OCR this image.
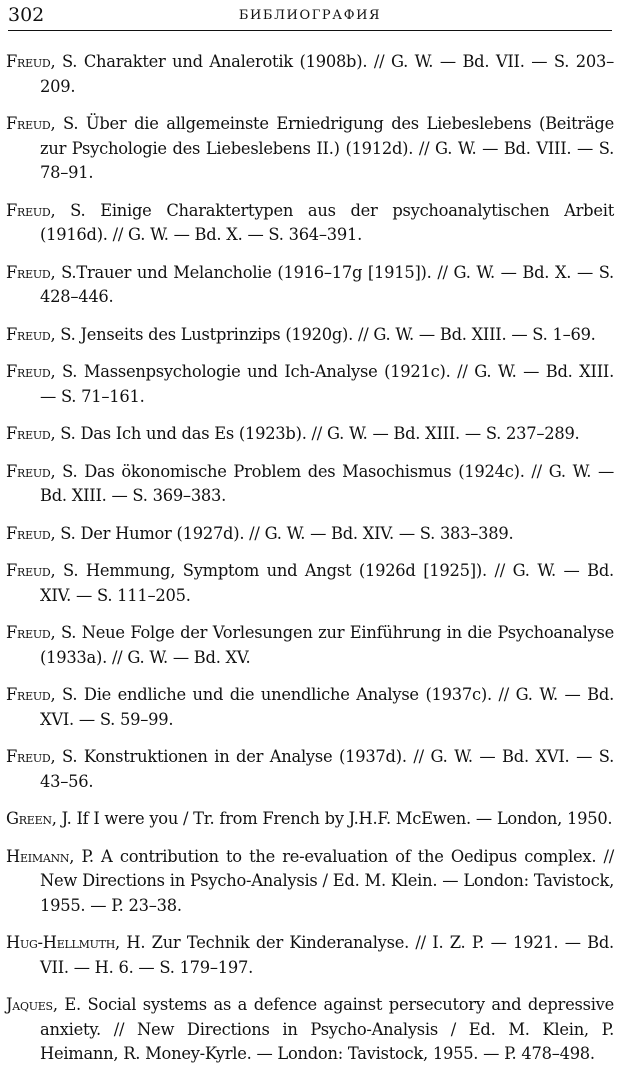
302	БИБЛИОГРАФИЯ

Freud, S. Charakter und Analerotik (1908b). // G. W. — Bd. VII. — S. 203–209.

Freud, S. Über die allgemeinste Erniedrigung des Liebeslebens (Beiträge zur Psychologie des Liebeslebens II.) (1912d). // G. W. — Bd. VIII. — S. 78–91.

Freud, S. Einige Charaktertypen aus der psychoanalytischen Arbeit (1916d). // G. W. — Bd. X. — S. 364–391.

Freud, S.Trauer und Melancholie (1916–17g [1915]). // G. W. — Bd. X. — S. 428–446.

Freud, S. Jenseits des Lustprinzips (1920g). // G. W. — Bd. XIII. — S. 1–69.

Freud, S. Massenpsychologie und Ich-Analyse (1921c). // G. W. — Bd. XIII. — S. 71–161.

Freud, S. Das Ich und das Es (1923b). // G. W. — Bd. XIII. — S. 237–289.

Freud, S. Das ökonomische Problem des Masochismus (1924c). // G. W. — Bd. XIII. — S. 369–383.

Freud, S. Der Humor (1927d). // G. W. — Bd. XIV. — S. 383–389.

Freud, S. Hemmung, Symptom und Angst (1926d [1925]). // G. W. — Bd. XIV. — S. 111–205.

Freud, S. Neue Folge der Vorlesungen zur Einführung in die Psychoanalyse (1933a). // G. W. — Bd. XV.

Freud, S. Die endliche und die unendliche Analyse (1937c). // G. W. — Bd. XVI. — S. 59–99.

Freud, S. Konstruktionen in der Analyse (1937d). // G. W. — Bd. XVI. — S. 43–56.

Green, J. If I were you / Tr. from French by J.H.F. McEwen. — London, 1950.

Heimann, P. A contribution to the re-evaluation of the Oedipus complex. // New Directions in Psycho-Analysis / Ed. M. Klein. — London: Tavistock, 1955. — P. 23–38.

Hug-Hellmuth, H. Zur Technik der Kinderanalyse. // I. Z. P. — 1921. — Bd. VII. — H. 6. — S. 179–197.

Jaques, E. Social systems as a defence against persecutory and depressive anxiety. // New Directions in Psycho-Analysis / Ed. M. Klein, P. Heimann, R. Money-Kyrle. — London: Tavistock, 1955. — P. 478–498.
